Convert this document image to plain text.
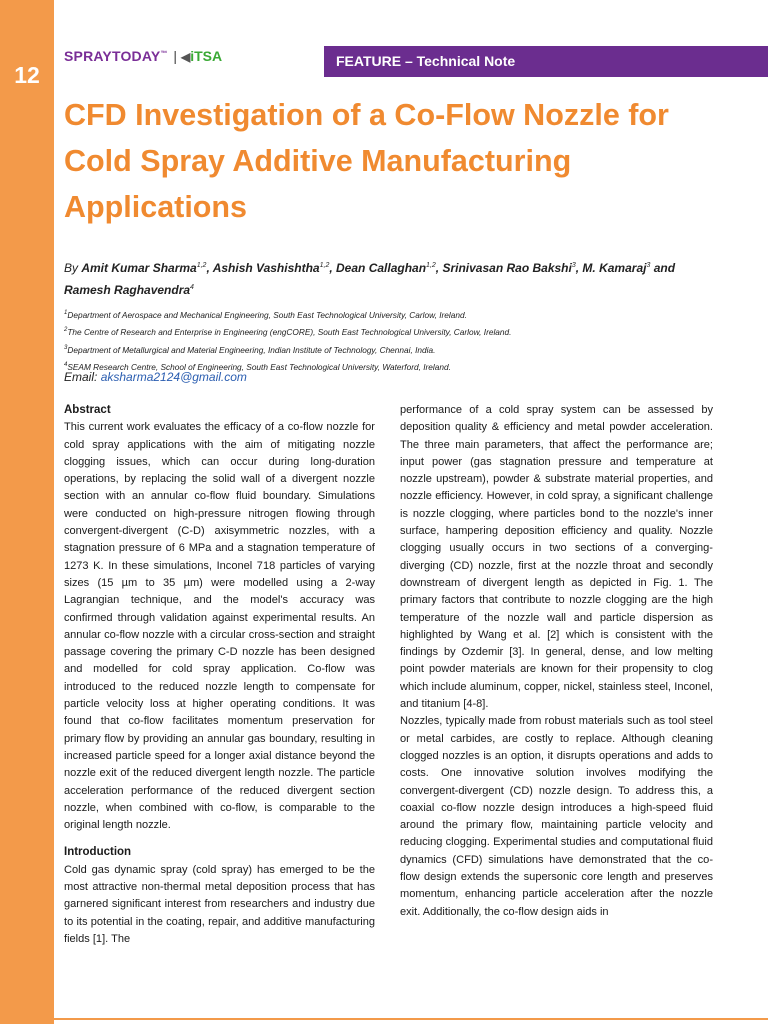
12
SPRAYTODAY™ | ◀iTSA	FEATURE – Technical Note
CFD Investigation of a Co-Flow Nozzle for Cold Spray Additive Manufacturing Applications
By Amit Kumar Sharma$^{1,2}$, Ashish Vashishtha$^{1,2}$, Dean Callaghan$^{1,2}$, Srinivasan Rao Bakshi$^3$, M. Kamaraj$^3$ and Ramesh Raghavendra$^4$
$^1$Department of Aerospace and Mechanical Engineering, South East Technological University, Carlow, Ireland.
$^2$The Centre of Research and Enterprise in Engineering (engCORE), South East Technological University, Carlow, Ireland.
$^3$Department of Metallurgical and Material Engineering, Indian Institute of Technology, Chennai, India.
$^4$SEAM Research Centre, School of Engineering, South East Technological University, Waterford, Ireland.
Email: aksharma2124@gmail.com
Abstract

This current work evaluates the efficacy of a co-flow nozzle for cold spray applications with the aim of mitigating nozzle clogging issues, which can occur during long-duration operations, by replacing the solid wall of a divergent nozzle section with an annular co-flow fluid boundary. Simulations were conducted on high-pressure nitrogen flowing through convergent-divergent (C-D) axisymmetric nozzles, with a stagnation pressure of 6 MPa and a stagnation temperature of 1273 K. In these simulations, Inconel 718 particles of varying sizes (15 µm to 35 µm) were modelled using a 2-way Lagrangian technique, and the model's accuracy was confirmed through validation against experimental results. An annular co-flow nozzle with a circular cross-section and straight passage covering the primary C-D nozzle has been designed and modelled for cold spray application. Co-flow was introduced to the reduced nozzle length to compensate for particle velocity loss at higher operating conditions. It was found that co-flow facilitates momentum preservation for primary flow by providing an annular gas boundary, resulting in increased particle speed for a longer axial distance beyond the nozzle exit of the reduced divergent length nozzle. The particle acceleration performance of the reduced divergent section nozzle, when combined with co-flow, is comparable to the original length nozzle.

Introduction

Cold gas dynamic spray (cold spray) has emerged to be the most attractive non-thermal metal deposition process that has garnered significant interest from researchers and industry due to its potential in the coating, repair, and additive manufacturing fields [1]. The

performance of a cold spray system can be assessed by deposition quality & efficiency and metal powder acceleration. The three main parameters, that affect the performance are; input power (gas stagnation pressure and temperature at nozzle upstream), powder & substrate material properties, and nozzle efficiency. However, in cold spray, a significant challenge is nozzle clogging, where particles bond to the nozzle's inner surface, hampering deposition efficiency and quality. Nozzle clogging usually occurs in two sections of a converging-diverging (CD) nozzle, first at the nozzle throat and secondly downstream of divergent length as depicted in Fig. 1. The primary factors that contribute to nozzle clogging are the high temperature of the nozzle wall and particle dispersion as highlighted by Wang et al. [2] which is consistent with the findings by Ozdemir [3]. In general, dense, and low melting point powder materials are known for their propensity to clog which include aluminum, copper, nickel, stainless steel, Inconel, and titanium [4-8].

Nozzles, typically made from robust materials such as tool steel or metal carbides, are costly to replace. Although cleaning clogged nozzles is an option, it disrupts operations and adds to costs. One innovative solution involves modifying the convergent-divergent (CD) nozzle design. To address this, a coaxial co-flow nozzle design introduces a high-speed fluid around the primary flow, maintaining particle velocity and reducing clogging. Experimental studies and computational fluid dynamics (CFD) simulations have demonstrated that the co-flow design extends the supersonic core length and preserves momentum, enhancing particle acceleration after the nozzle exit. Additionally, the co-flow design aids in
